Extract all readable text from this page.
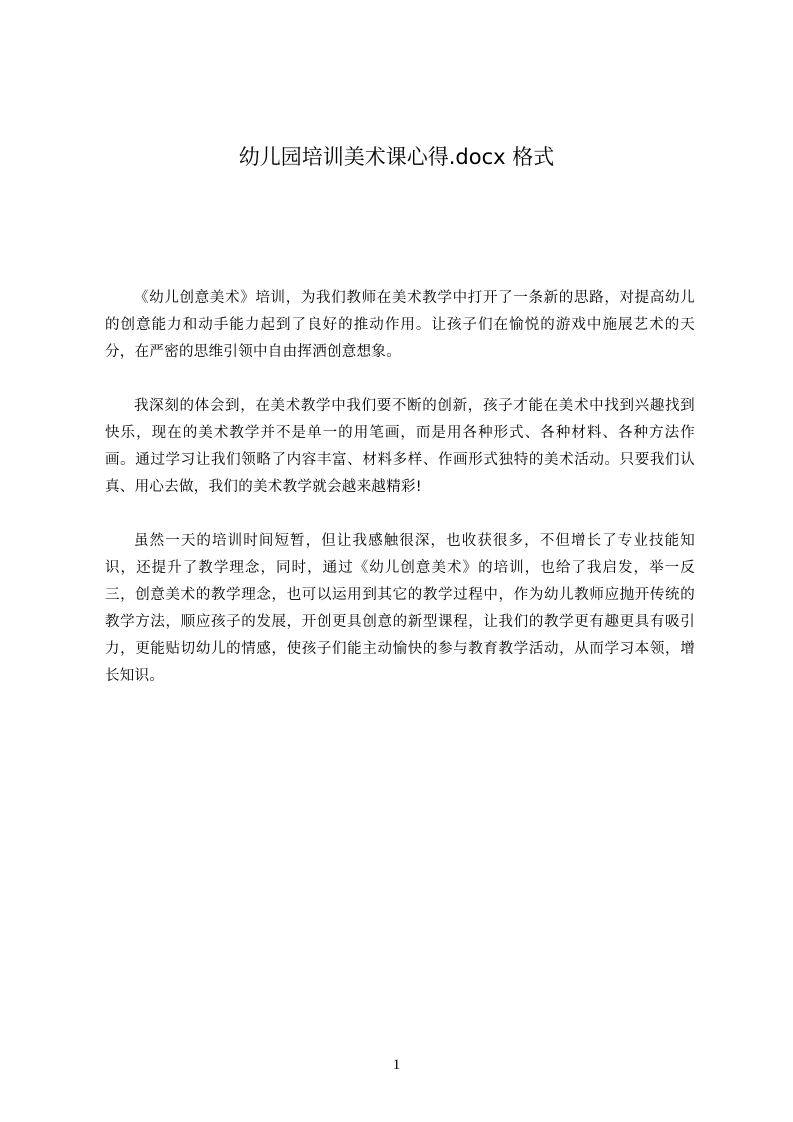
幼儿园培训美术课心得.docx 格式

《幼儿创意美术》培训，为我们教师在美术教学中打开了一条新的思路，对提高幼儿的创意能力和动手能力起到了良好的推动作用。让孩子们在愉悦的游戏中施展艺术的天分，在严密的思维引领中自由挥洒创意想象。

我深刻的体会到，在美术教学中我们要不断的创新，孩子才能在美术中找到兴趣找到快乐，现在的美术教学并不是单一的用笔画，而是用各种形式、各种材料、各种方法作画。通过学习让我们领略了内容丰富、材料多样、作画形式独特的美术活动。只要我们认真、用心去做，我们的美术教学就会越来越精彩!

虽然一天的培训时间短暂，但让我感触很深，也收获很多，不但增长了专业技能知识，还提升了教学理念，同时，通过《幼儿创意美术》的培训，也给了我启发，举一反三，创意美术的教学理念，也可以运用到其它的教学过程中，作为幼儿教师应抛开传统的教学方法，顺应孩子的发展，开创更具创意的新型课程，让我们的教学更有趣更具有吸引力，更能贴切幼儿的情感，使孩子们能主动愉快的参与教育教学活动，从而学习本领，增长知识。

1
